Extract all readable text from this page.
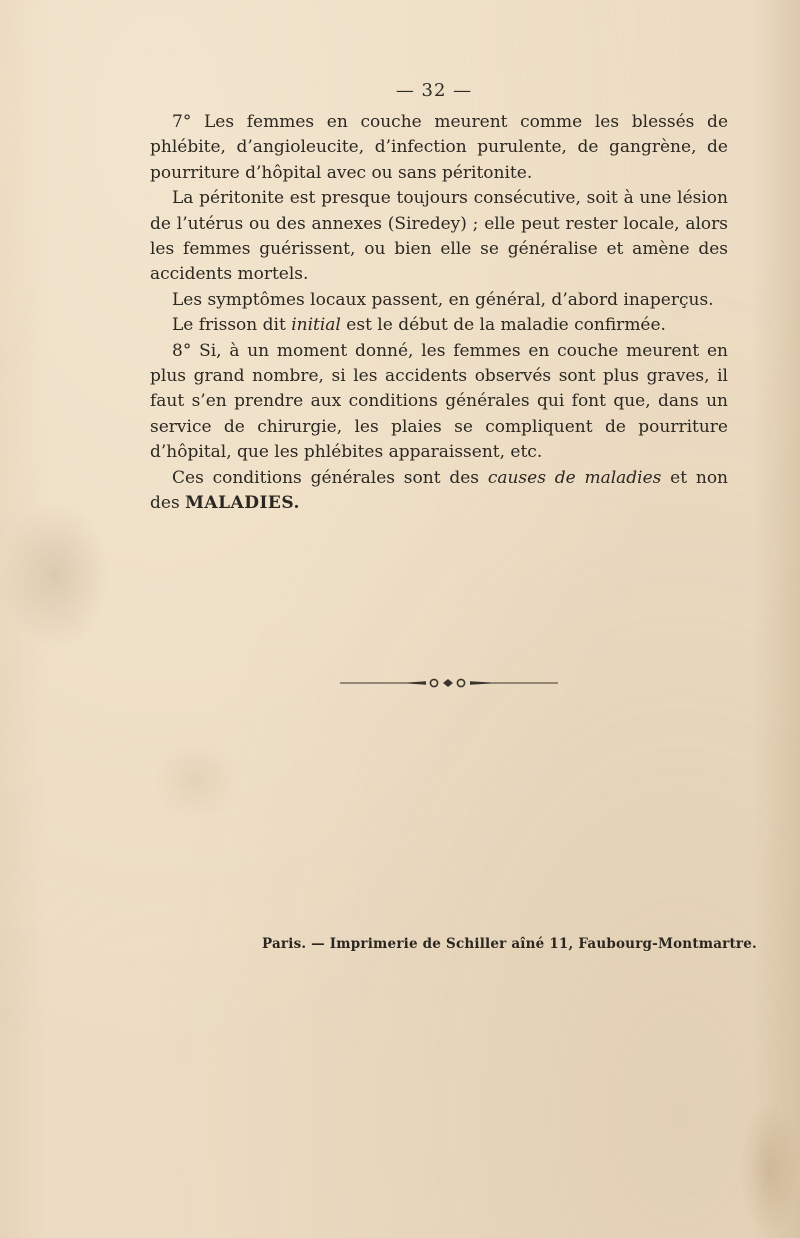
— 32 —

7° Les femmes en couche meurent comme les blessés de phlébite, d’angioleucite, d’infection purulente, de gangrène, de pourriture d’hôpital avec ou sans péritonite.

La péritonite est presque toujours consécutive, soit à une lésion de l’utérus ou des annexes (Siredey) ; elle peut rester locale, alors les femmes guérissent, ou bien elle se généralise et amène des accidents mortels.

Les symptômes locaux passent, en général, d’abord inaperçus.

Le frisson dit initial est le début de la maladie confirmée.

8° Si, à un moment donné, les femmes en couche meurent en plus grand nombre, si les accidents observés sont plus graves, il faut s’en prendre aux conditions générales qui font que, dans un service de chirurgie, les plaies se compliquent de pourriture d’hôpital, que les phlébites apparaissent, etc.

Ces conditions générales sont des causes de maladies et non des MALADIES.

Paris. — Imprimerie de Schiller aîné 11, Faubourg-Montmartre.
